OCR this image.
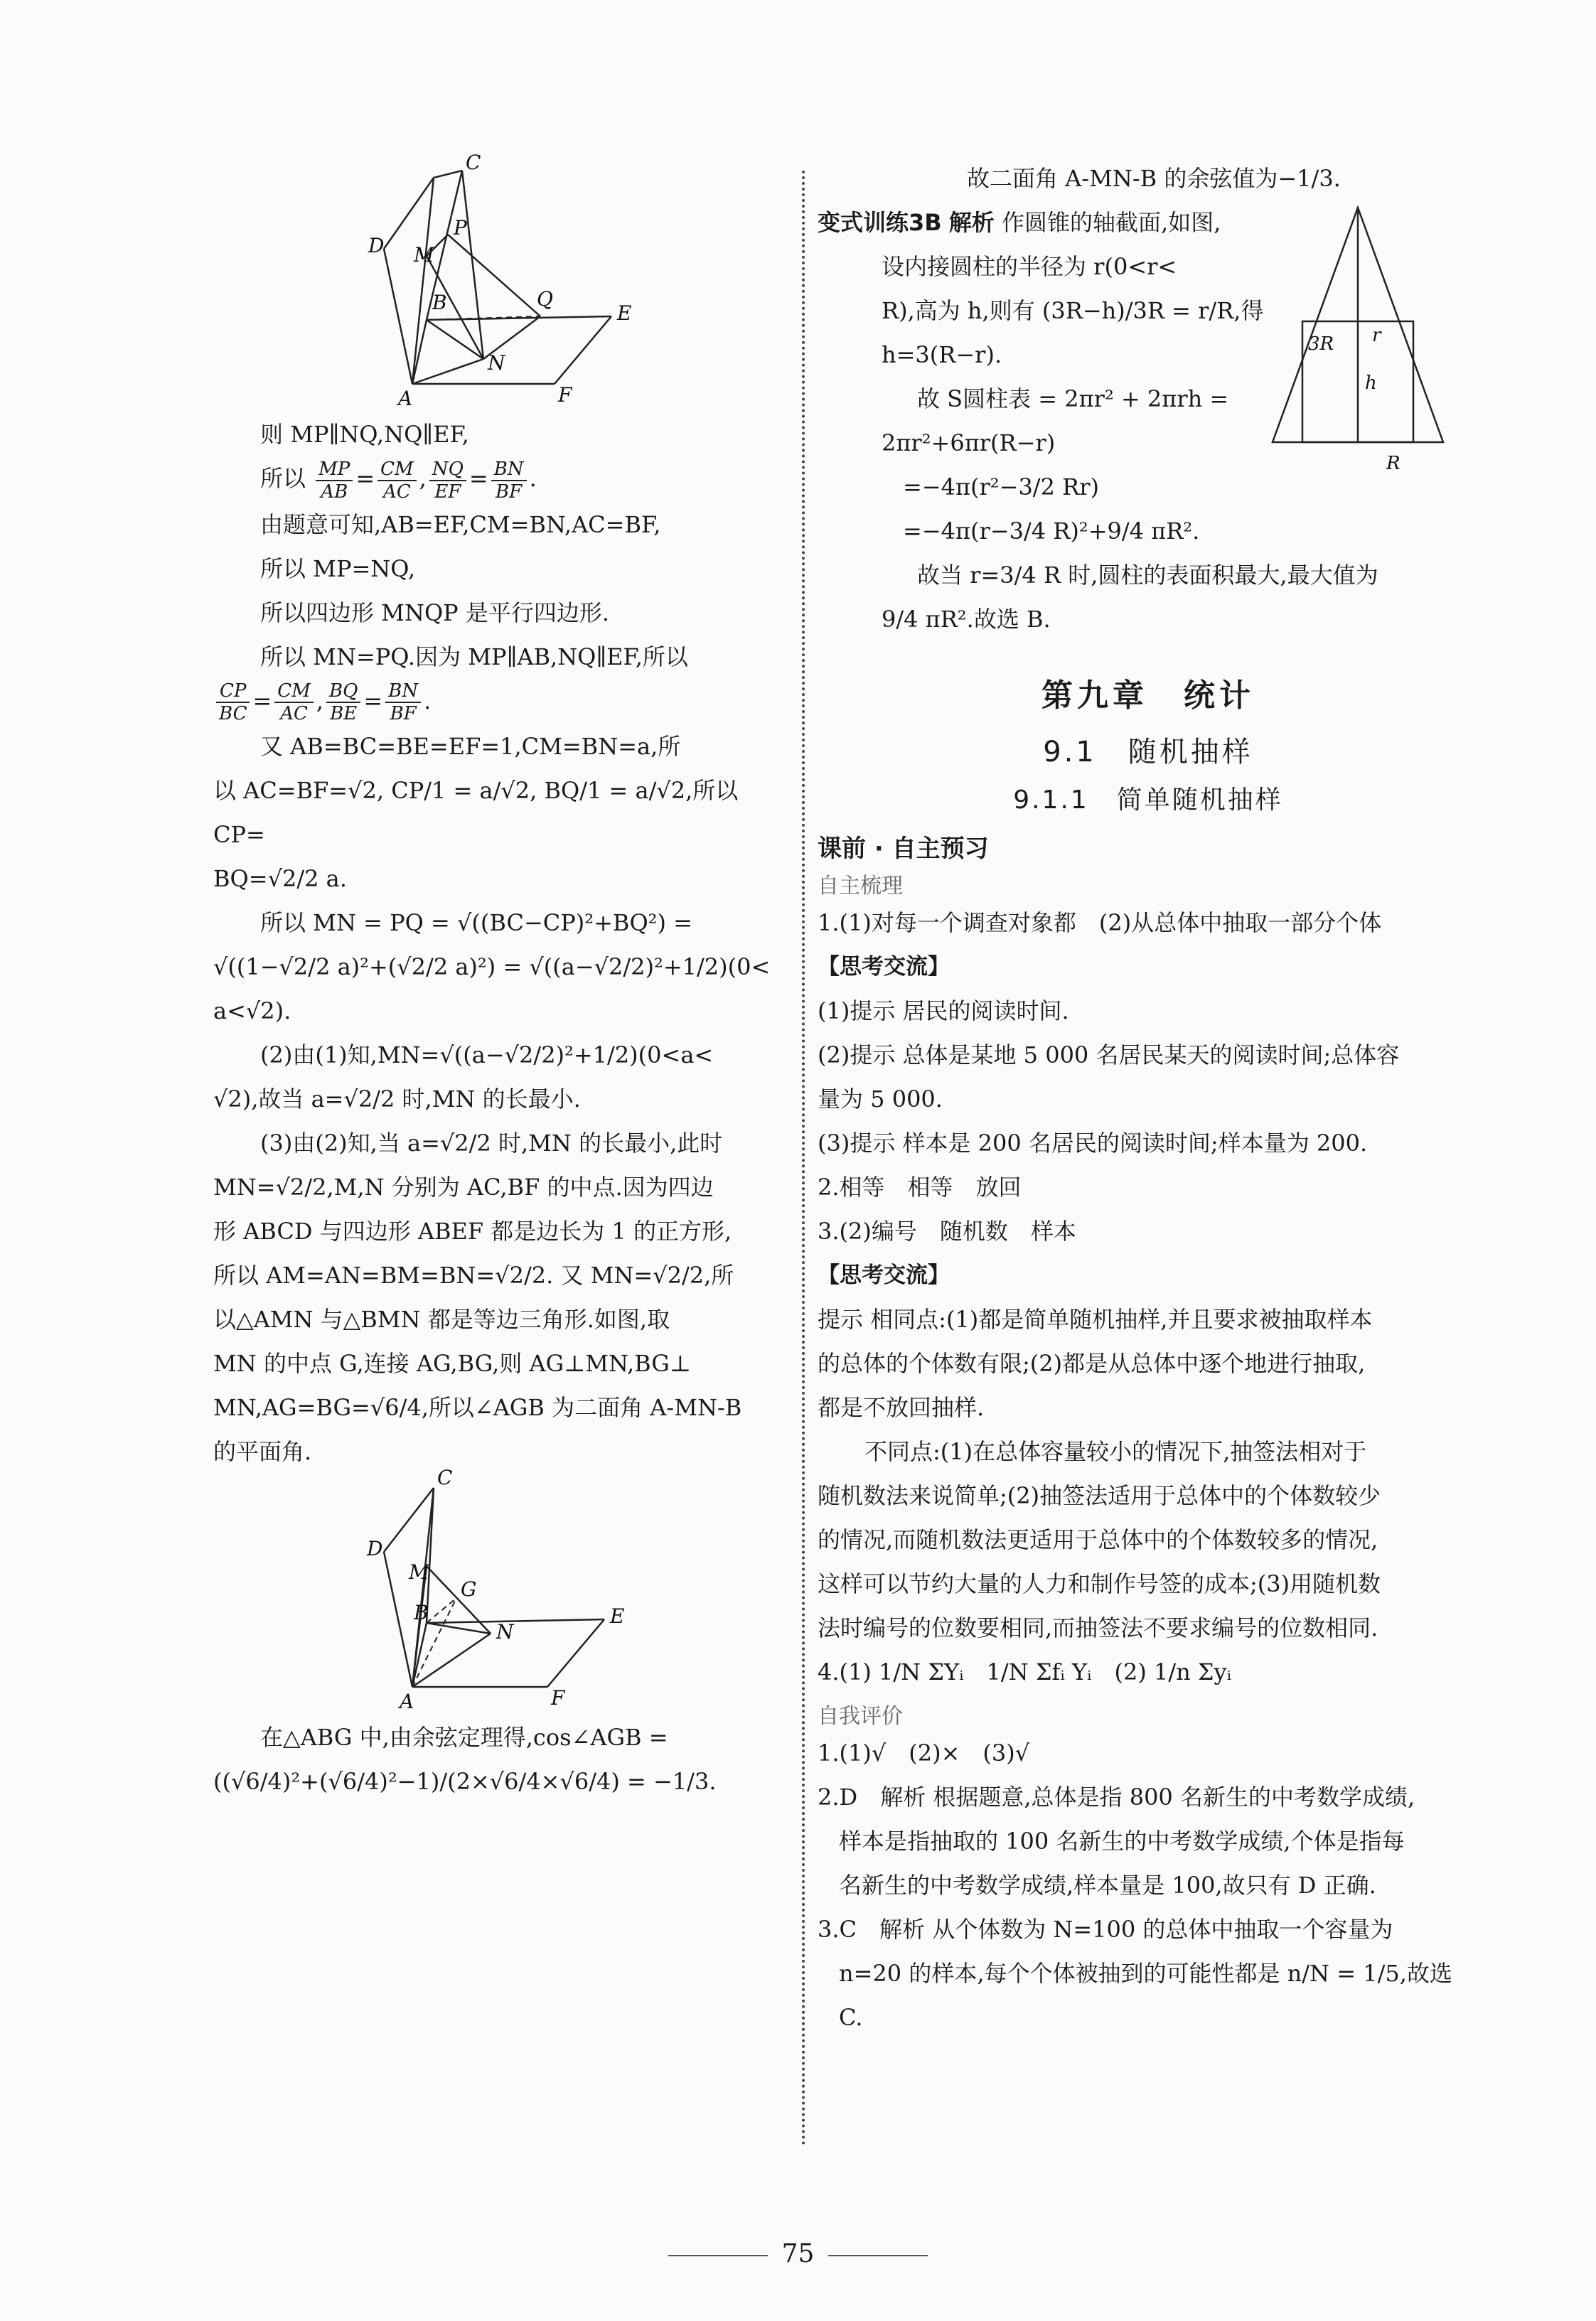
C
D
P
M
B	Q
E
N
A	F

则 MP∥NQ,NQ∥EF,

所以 $\frac{MP}{AB} = \frac{CM}{AC}$ , $\frac{NQ}{EF} = \frac{BN}{BF}$ .

由题意可知,AB=EF,CM=BN,AC=BF,

所以 MP=NQ,

所以四边形 MNQP 是平行四边形.

所以 MN=PQ.因为 MP∥AB,NQ∥EF,所以

$\frac{CP}{BC} = \frac{CM}{AC}$ , $\frac{BQ}{BE} = \frac{BN}{BF}$ .

又 AB=BC=BE=EF=1,CM=BN=a,所

以 AC=BF=√2, CP/1 = a/√2, BQ/1 = a/√2,所以 CP=

BQ=√2/2 a.

所以 MN = PQ = √((BC−CP)²+BQ²) =

√((1−√2/2 a)²+(√2/2 a)²) = √((a−√2/2)²+1/2)(0<

a<√2).

(2)由(1)知,MN=√((a−√2/2)²+1/2)(0<a<

√2),故当 a=√2/2 时,MN 的长最小.

(3)由(2)知,当 a=√2/2 时,MN 的长最小,此时

MN=√2/2,M,N 分别为 AC,BF 的中点.因为四边

形 ABCD 与四边形 ABEF 都是边长为 1 的正方形,

所以 AM=AN=BM=BN=√2/2. 又 MN=√2/2,所

以△AMN 与△BMN 都是等边三角形.如图,取

MN 的中点 G,连接 AG,BG,则 AG⊥MN,BG⊥

MN,AG=BG=√6/4,所以∠AGB 为二面角 A-MN-B

的平面角.

C
D
M
G
B
N
E
A	F

在△ABG 中,由余弦定理得,cos∠AGB =

((√6/4)²+(√6/4)²−1)/(2×√6/4×√6/4) = −1/3.

故二面角 A-MN-B 的余弦值为−1/3.

3R r
h
R

变式训练3B 解析 作圆锥的轴截面,如图,

设内接圆柱的半径为 r(0<r<

R),高为 h,则有 (3R−h)/3R = r/R,得

h=3(R−r).

故 S圆柱表 = 2πr² + 2πrh =

2πr²+6πr(R−r)

=−4π(r²−3/2 Rr)

=−4π(r−3/4 R)²+9/4 πR².

故当 r=3/4 R 时,圆柱的表面积最大,最大值为

9/4 πR².故选 B.

第九章　统计
9.1　随机抽样
9.1.1　简单随机抽样
课前 · 自主预习
自主梳理

1.(1)对每一个调查对象都　(2)从总体中抽取一部分个体

【思考交流】

(1)提示 居民的阅读时间.

(2)提示 总体是某地 5 000 名居民某天的阅读时间;总体容

量为 5 000.

(3)提示 样本是 200 名居民的阅读时间;样本量为 200.

2.相等　相等　放回

3.(2)编号　随机数　样本

【思考交流】

提示 相同点:(1)都是简单随机抽样,并且要求被抽取样本

的总体的个体数有限;(2)都是从总体中逐个地进行抽取,

都是不放回抽样.

不同点:(1)在总体容量较小的情况下,抽签法相对于

随机数法来说简单;(2)抽签法适用于总体中的个体数较少

的情况,而随机数法更适用于总体中的个体数较多的情况,

这样可以节约大量的人力和制作号签的成本;(3)用随机数

法时编号的位数要相同,而抽签法不要求编号的位数相同.

4.(1) 1/N ΣYᵢ　1/N Σfᵢ Yᵢ　(2) 1/n Σyᵢ

自我评价

1.(1)√　(2)×　(3)√

2.D　解析 根据题意,总体是指 800 名新生的中考数学成绩,

样本是指抽取的 100 名新生的中考数学成绩,个体是指每

名新生的中考数学成绩,样本量是 100,故只有 D 正确.

3.C　解析 从个体数为 N=100 的总体中抽取一个容量为

n=20 的样本,每个个体被抽到的可能性都是 n/N = 1/5,故选 C.

75
